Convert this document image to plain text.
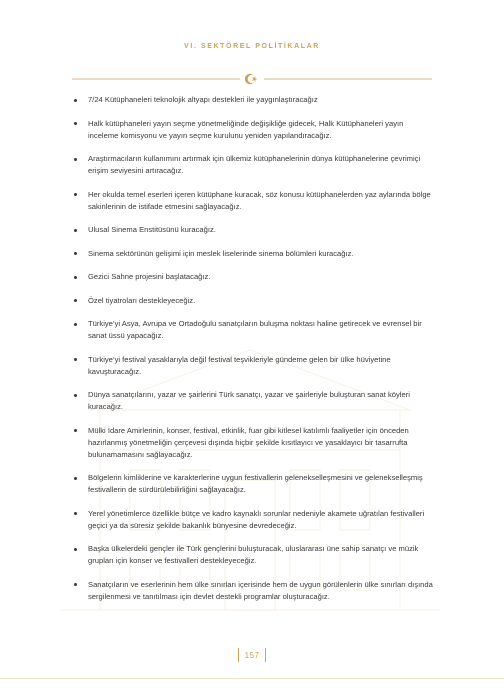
VI. SEKTÖREL POLİTİKALAR
7/24 Kütüphaneleri teknolojik altyapı destekleri ile yaygınlaştıracağız
Halk kütüphaneleri yayın seçme yönetmeliğinde değişikliğe gidecek, Halk Kütüphaneleri yayın inceleme komisyonu ve yayın seçme kurulunu yeniden yapılandıracağız.
Araştırmacıların kullanımını artırmak için ülkemiz kütüphanelerinin dünya kütüphanelerine çevrimiçi erişim seviyesini artıracağız.
Her okulda temel eserleri içeren kütüphane kuracak, söz konusu kütüphanelerden yaz aylarında bölge sakinlerinin de istifade etmesini sağlayacağız.
Ulusal Sinema Enstitüsünü kuracağız.
Sinema sektörünün gelişimi için meslek liselerinde sinema bölümleri kuracağız.
Gezici Sahne projesini başlatacağız.
Özel tiyatroları destekleyeceğiz.
Türkiye’yi Asya, Avrupa ve Ortadoğulu sanatçıların buluşma noktası haline getirecek ve evrensel bir sanat üssü yapacağız.
Türkiye’yi festival yasaklarıyla değil festival teşvikleriyle gündeme gelen bir ülke hüviyetine kavuşturacağız.
Dünya sanatçılarını, yazar ve şairlerini Türk sanatçı, yazar ve şairleriyle buluşturan sanat köyleri kuracağız.
Mülki İdare Amirlerinin, konser, festival, etkinlik, fuar gibi kitlesel katılımlı faaliyetler için önceden hazırlanmış yönetmeliğin çerçevesi dışında hiçbir şekilde kısıtlayıcı ve yasaklayıcı bir tasarrufta bulunamamasını sağlayacağız.
Bölgelerin kimliklerine ve karakterlerine uygun festivallerin gelenekselleşmesini ve gelenekselleşmiş festivallerin de sürdürülebilirliğini sağlayacağız.
Yerel yönetimlerce özellikle bütçe ve kadro kaynaklı sorunlar nedeniyle akamete uğratılan festivalleri geçici ya da süresiz şekilde bakanlık bünyesine devredeceğiz.
Başka ülkelerdeki gençler ile Türk gençlerini buluşturacak, uluslararası üne sahip sanatçı ve müzik grupları için konser ve festivalleri destekleyeceğiz.
Sanatçıların ve eserlerinin hem ülke sınırları içerisinde hem de uygun görülenlerin ülke sınırları dışında sergilenmesi ve tanıtılması için devlet destekli programlar oluşturacağız.
157
